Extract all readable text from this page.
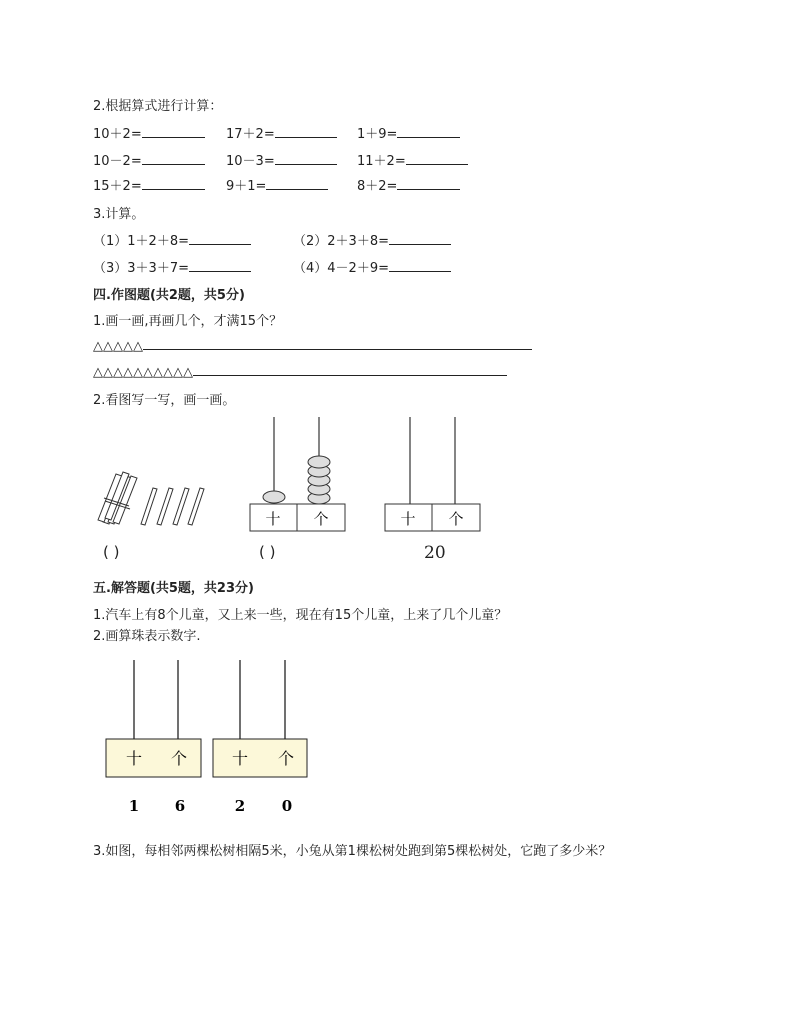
2.根据算式进行计算：
10＋2=	17＋2=	1＋9=
10－2=	10－3=	11＋2=
15＋2=	9＋1=	8＋2=
3.计算。
（1）1＋2＋8=	（2）2＋3＋8=
（3）3＋3＋7=	（4）4－2＋9=
四.作图题(共2题，共5分)
1.画一画,再画几个，才满15个？
△△△△△
△△△△△△△△△△
2.看图写一写，画一画。
( )
十 个
( )
十 个
20
五.解答题(共5题，共23分)
1.汽车上有8个儿童，又上来一些，现在有15个儿童，上来了几个儿童？
2.画算珠表示数字.
十 个	十 个
1 6	2 0
3.如图，每相邻两棵松树相隔5米，小兔从第1棵松树处跑到第5棵松树处，它跑了多少米？
